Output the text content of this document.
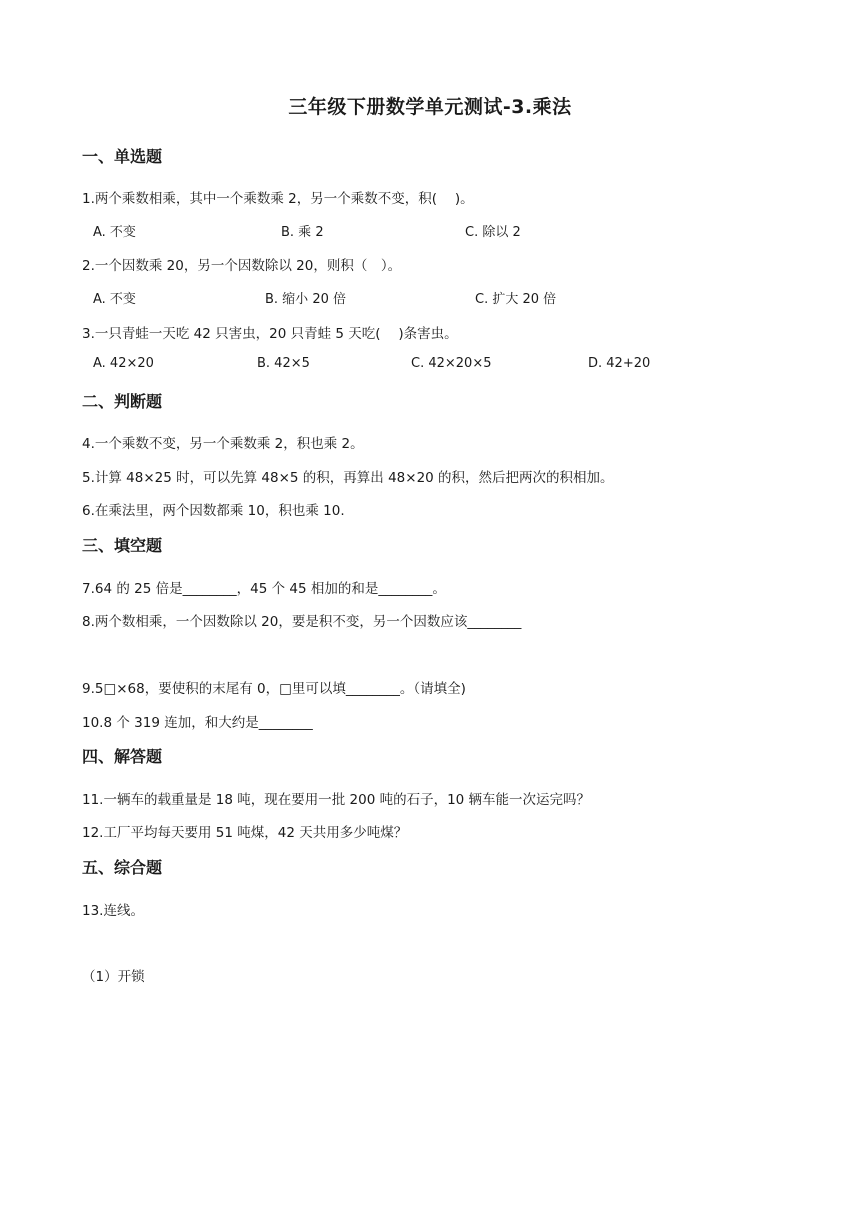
三年级下册数学单元测试-3.乘法
一、单选题
1.两个乘数相乘，其中一个乘数乘 2，另一个乘数不变，积(　 )。
A. 不变	B. 乘 2	C. 除以 2
2.一个因数乘 20，另一个因数除以 20，则积（　）。
A. 不变	B. 缩小 20 倍	C. 扩大 20 倍
3.一只青蛙一天吃 42 只害虫，20 只青蛙 5 天吃(　 )条害虫。
A. 42×20	B. 42×5	C. 42×20×5	D. 42+20
二、判断题
4.一个乘数不变，另一个乘数乘 2，积也乘 2。
5.计算 48×25 时，可以先算 48×5 的积，再算出 48×20 的积，然后把两次的积相加。
6.在乘法里，两个因数都乘 10，积也乘 10.
三、填空题
7.64 的 25 倍是________，45 个 45 相加的和是________。
8.两个数相乘，一个因数除以 20，要是积不变，另一个因数应该________
9.5□×68，要使积的末尾有 0，□里可以填________。（请填全)
10.8 个 319 连加，和大约是________
四、解答题
11.一辆车的载重量是 18 吨，现在要用一批 200 吨的石子，10 辆车能一次运完吗？
12.工厂平均每天要用 51 吨煤，42 天共用多少吨煤？
五、综合题
13.连线。
（1）开锁
